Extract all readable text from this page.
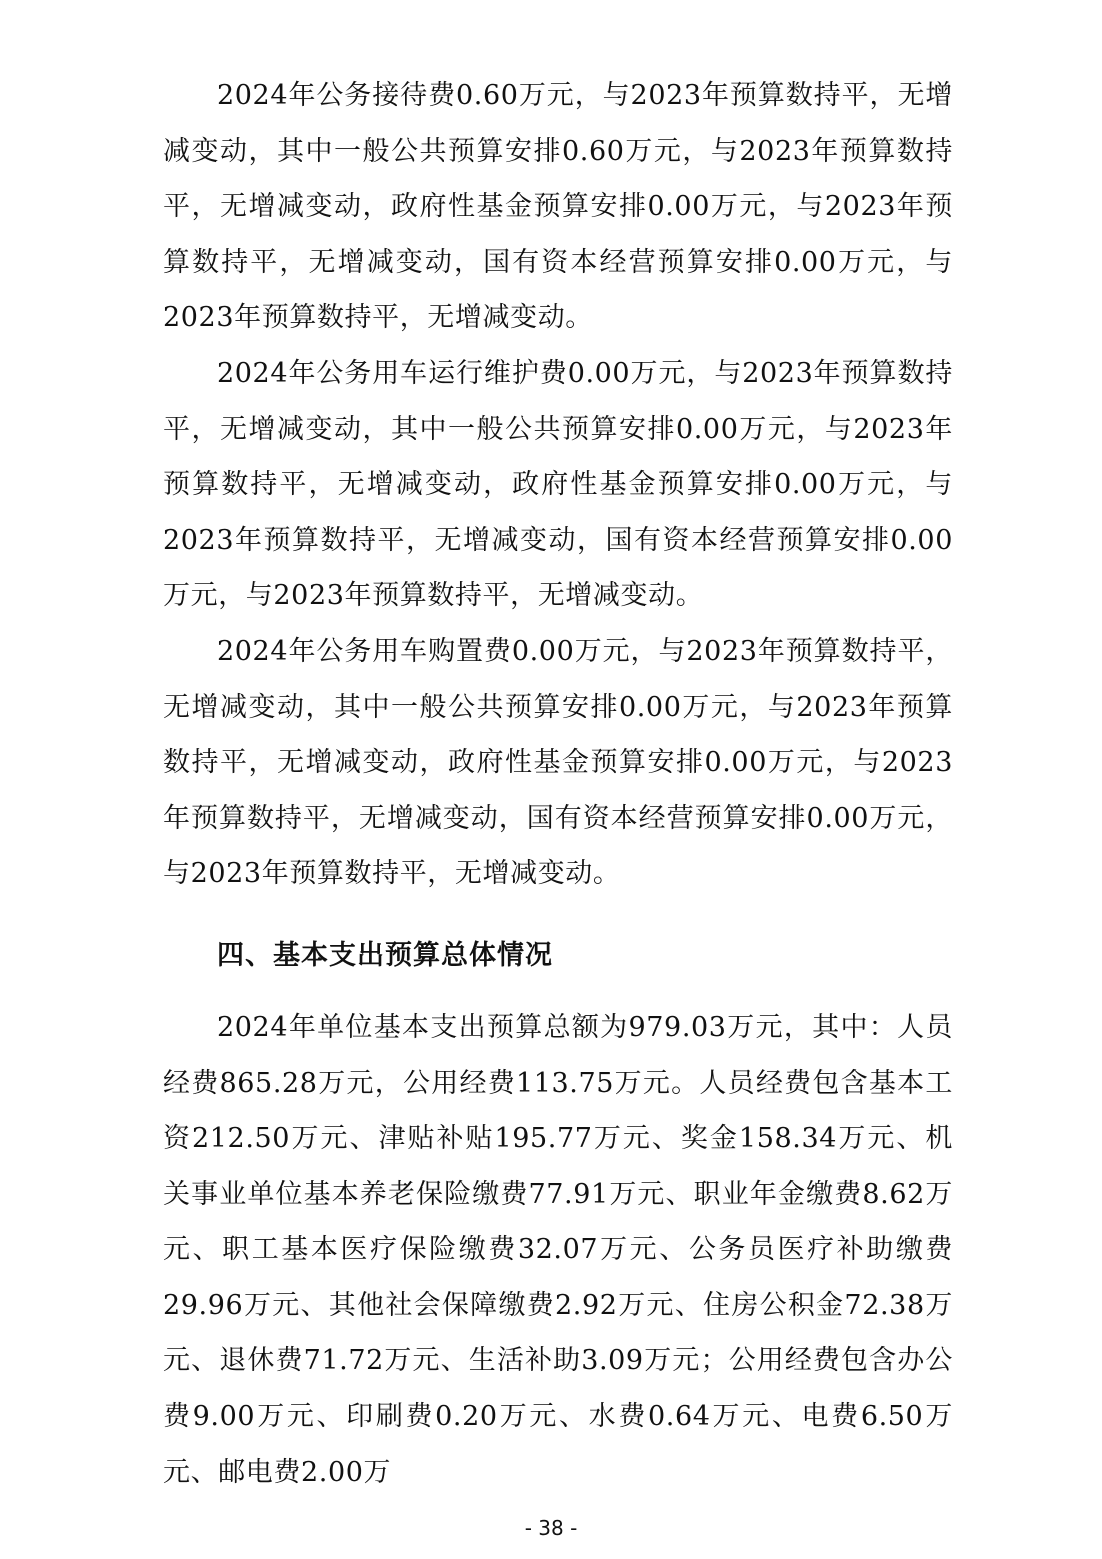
2024年公务接待费0.60万元，与2023年预算数持平，无增减变动，其中一般公共预算安排0.60万元，与2023年预算数持平，无增减变动，政府性基金预算安排0.00万元，与2023年预算数持平，无增减变动，国有资本经营预算安排0.00万元，与2023年预算数持平，无增减变动。

2024年公务用车运行维护费0.00万元，与2023年预算数持平，无增减变动，其中一般公共预算安排0.00万元，与2023年预算数持平，无增减变动，政府性基金预算安排0.00万元，与2023年预算数持平，无增减变动，国有资本经营预算安排0.00万元，与2023年预算数持平，无增减变动。

2024年公务用车购置费0.00万元，与2023年预算数持平，无增减变动，其中一般公共预算安排0.00万元，与2023年预算数持平，无增减变动，政府性基金预算安排0.00万元，与2023年预算数持平，无增减变动，国有资本经营预算安排0.00万元，与2023年预算数持平，无增减变动。

四、基本支出预算总体情况

2024年单位基本支出预算总额为979.03万元，其中：人员经费865.28万元，公用经费113.75万元。人员经费包含基本工资212.50万元、津贴补贴195.77万元、奖金158.34万元、机关事业单位基本养老保险缴费77.91万元、职业年金缴费8.62万元、职工基本医疗保险缴费32.07万元、公务员医疗补助缴费29.96万元、其他社会保障缴费2.92万元、住房公积金72.38万元、退休费71.72万元、生活补助3.09万元；公用经费包含办公费9.00万元、印刷费0.20万元、水费0.64万元、电费6.50万元、邮电费2.00万

- 38 -
